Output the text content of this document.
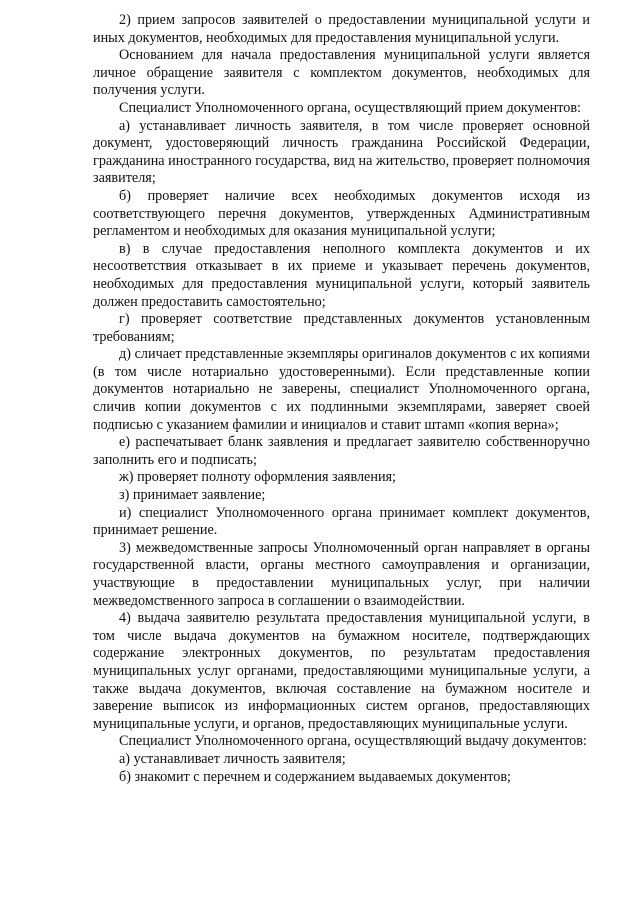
2) прием запросов заявителей о предоставлении муниципальной услуги и иных документов, необходимых для предоставления муниципальной услуги.

Основанием для начала предоставления муниципальной услуги является личное обращение заявителя с комплектом документов, необходимых для получения услуги.

Специалист Уполномоченного органа, осуществляющий прием документов:

а) устанавливает личность заявителя, в том числе проверяет основной документ, удостоверяющий личность гражданина Российской Федерации, гражданина иностранного государства, вид на жительство, проверяет полномочия заявителя;

б) проверяет наличие всех необходимых документов исходя из соответствующего перечня документов, утвержденных Административным регламентом и необходимых для оказания муниципальной услуги;

в) в случае предоставления неполного комплекта документов и их несоответствия отказывает в их приеме и указывает перечень документов, необходимых для предоставления муниципальной услуги, который заявитель должен предоставить самостоятельно;

г) проверяет соответствие представленных документов установленным требованиям;

д) сличает представленные экземпляры оригиналов документов с их копиями (в том числе нотариально удостоверенными). Если представленные копии документов нотариально не заверены, специалист Уполномоченного органа, сличив копии документов с их подлинными экземплярами, заверяет своей подписью с указанием фамилии и инициалов и ставит штамп «копия верна»;

е) распечатывает бланк заявления и предлагает заявителю собственноручно заполнить его и подписать;

ж) проверяет полноту оформления заявления;

з) принимает заявление;

и) специалист Уполномоченного органа принимает комплект документов, принимает решение.

3) межведомственные запросы Уполномоченный орган направляет в органы государственной власти, органы местного самоуправления и организации, участвующие в предоставлении муниципальных услуг, при наличии межведомственного запроса в соглашении о взаимодействии.

4) выдача заявителю результата предоставления муниципальной услуги, в том числе выдача документов на бумажном носителе, подтверждающих содержание электронных документов, по результатам предоставления муниципальных услуг органами, предоставляющими муниципальные услуги, а также выдача документов, включая составление на бумажном носителе и заверение выписок из информационных систем органов, предоставляющих муниципальные услуги, и органов, предоставляющих муниципальные услуги.

Специалист Уполномоченного органа, осуществляющий выдачу документов:

а) устанавливает личность заявителя;

б) знакомит с перечнем и содержанием выдаваемых документов;
